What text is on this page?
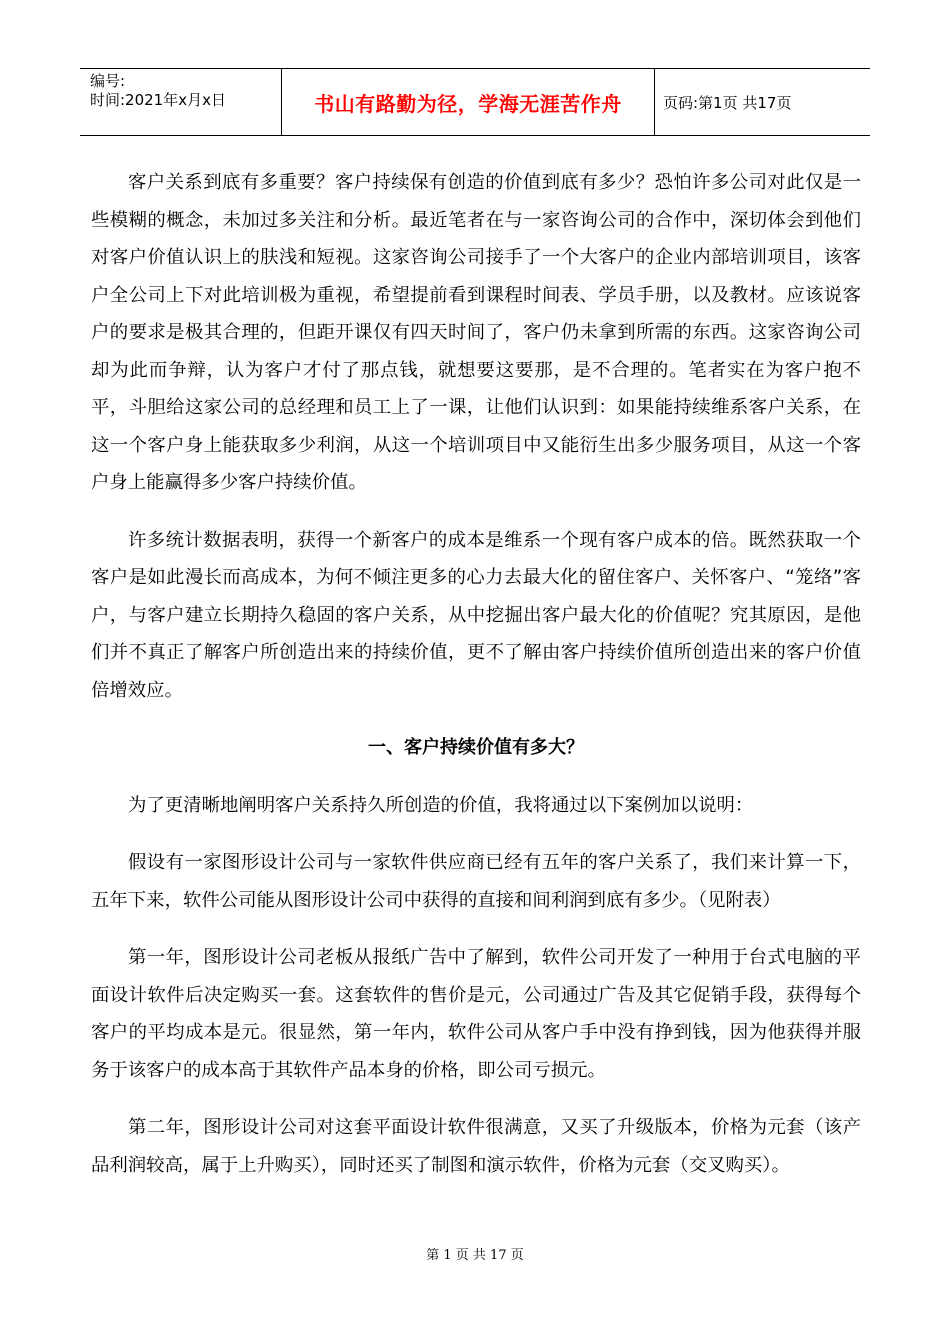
编号:
时间:2021年x月x日	书山有路勤为径，学海无涯苦作舟	页码:第1页 共17页

客户关系到底有多重要？客户持续保有创造的价值到底有多少？恐怕许多公司对此仅是一些模糊的概念，未加过多关注和分析。最近笔者在与一家咨询公司的合作中，深切体会到他们对客户价值认识上的肤浅和短视。这家咨询公司接手了一个大客户的企业内部培训项目，该客户全公司上下对此培训极为重视，希望提前看到课程时间表、学员手册，以及教材。应该说客户的要求是极其合理的，但距开课仅有四天时间了，客户仍未拿到所需的东西。这家咨询公司却为此而争辩，认为客户才付了那点钱，就想要这要那，是不合理的。笔者实在为客户抱不平，斗胆给这家公司的总经理和员工上了一课，让他们认识到：如果能持续维系客户关系，在这一个客户身上能获取多少利润，从这一个培训项目中又能衍生出多少服务项目，从这一个客户身上能赢得多少客户持续价值。

许多统计数据表明，获得一个新客户的成本是维系一个现有客户成本的倍。既然获取一个客户是如此漫长而高成本，为何不倾注更多的心力去最大化的留住客户、关怀客户、“笼络”客户，与客户建立长期持久稳固的客户关系，从中挖掘出客户最大化的价值呢？究其原因，是他们并不真正了解客户所创造出来的持续价值，更不了解由客户持续价值所创造出来的客户价值倍增效应。

一、客户持续价值有多大？

为了更清晰地阐明客户关系持久所创造的价值，我将通过以下案例加以说明：

假设有一家图形设计公司与一家软件供应商已经有五年的客户关系了，我们来计算一下，五年下来，软件公司能从图形设计公司中获得的直接和间利润到底有多少。（见附表）

第一年，图形设计公司老板从报纸广告中了解到，软件公司开发了一种用于台式电脑的平面设计软件后决定购买一套。这套软件的售价是元，公司通过广告及其它促销手段，获得每个客户的平均成本是元。很显然，第一年内，软件公司从客户手中没有挣到钱，因为他获得并服务于该客户的成本高于其软件产品本身的价格，即公司亏损元。

第二年，图形设计公司对这套平面设计软件很满意，又买了升级版本，价格为元套（该产品利润较高，属于上升购买），同时还买了制图和演示软件，价格为元套（交叉购买）。

第 1 页 共 17 页
